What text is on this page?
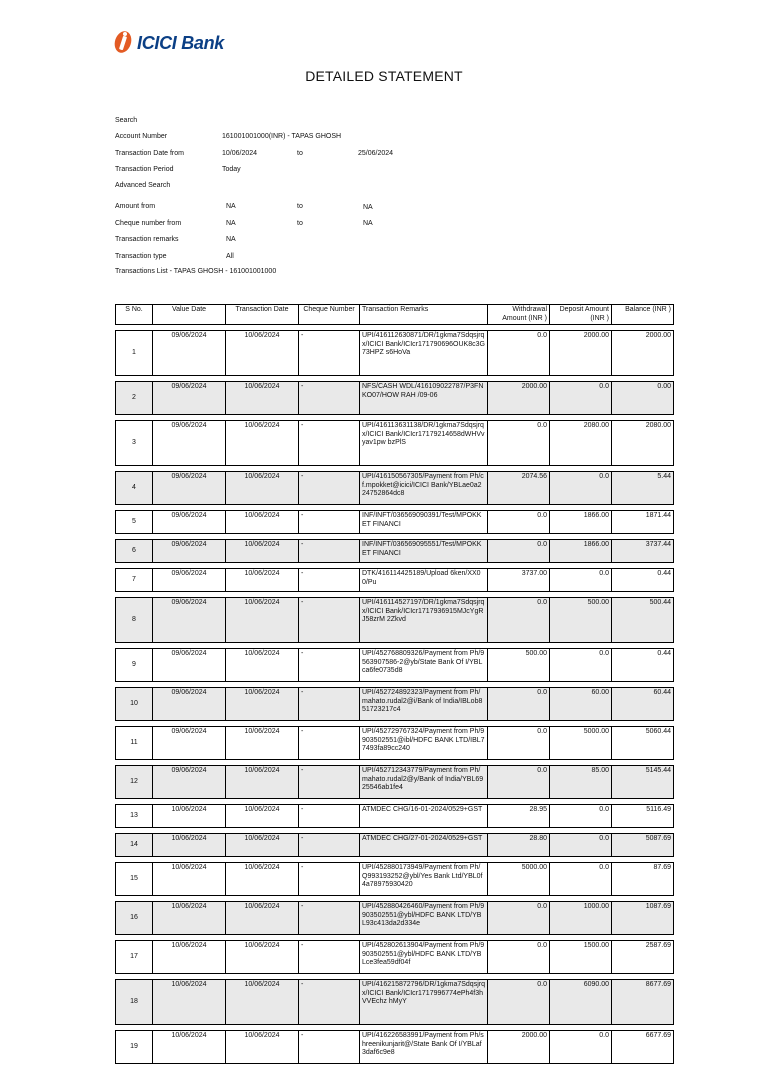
ICICI Bank
DETAILED STATEMENT
Search
Account Number	161001001000(INR) - TAPAS GHOSH
Transaction Date from	10/06/2024	to	25/06/2024
Transaction Period	Today
Advanced Search
Amount from	NA	to	NA
Cheque number from	NA	to	NA
Transaction remarks	NA
Transaction type	All
Transactions List - TAPAS GHOSH - 161001001000
S No.	Value Date	Transaction Date	Cheque Number	Transaction Remarks	Withdrawal Amount (INR )	Deposit Amount (INR )	Balance (INR )
1	09/06/2024	10/06/2024	-	UPI/416112630871/DR/1gkma7Sdqsjrq x/ICICI Bank/ICIcr171790696OUK8c3G73HPZ s6HoVa	0.0	2000.00	2000.00
2	09/06/2024	10/06/2024	-	NFS/CASH WDL/416109022787/P3FNKO07/HOW RAH /09-06	2000.00	0.0	0.00
3	09/06/2024	10/06/2024	-	UPI/416113631138/DR/1gkma7Sdqsjrq x/ICICI Bank/ICIcr17179214658dWHVvyav1pw bzPlS	0.0	2080.00	2080.00
4	09/06/2024	10/06/2024	-	UPI/416150567305/Payment from Ph/cf.mpokket@icici/ICICI Bank/YBLae0a224752864dc8	2074.56	0.0	5.44
5	09/06/2024	10/06/2024	-	INF/INFT/036569090391/Test/MPOKK ET FINANCI	0.0	1866.00	1871.44
6	09/06/2024	10/06/2024	-	INF/INFT/036569095551/Test/MPOKK ET FINANCI	0.0	1866.00	3737.44
7	09/06/2024	10/06/2024	-	DTK/416114425189/Upload 6ken/XX00/Pu	3737.00	0.0	0.44
8	09/06/2024	10/06/2024	-	UPI/416114527197/DR/1gkma7Sdqsjrq x/ICICI Bank/ICIcr1717936915MJcYgRJ58zrM 2Zkvd	0.0	500.00	500.44
9	09/06/2024	10/06/2024	-	UPI/452768809326/Payment from Ph/9563907586-2@yb/State Bank Of I/YBLca6fe0735d8	500.00	0.0	0.44
10	09/06/2024	10/06/2024	-	UPI/452724892323/Payment from Ph/mahato.rudal2@i/Bank of India/IBLob851723217c4	0.0	60.00	60.44
11	09/06/2024	10/06/2024	-	UPI/452729767324/Payment from Ph/9903502551@ibl/HDFC BANK LTD/IBL77493fa89cc240	0.0	5000.00	5060.44
12	09/06/2024	10/06/2024	-	UPI/452712343779/Payment from Ph/mahato.rudal2@y/Bank of India/YBL6925546ab1fe4	0.0	85.00	5145.44
13	10/06/2024	10/06/2024	-	ATMDEC CHG/16-01-2024/0529+GST	28.95	0.0	5116.49
14	10/06/2024	10/06/2024	-	ATMDEC CHG/27-01-2024/0529+GST	28.80	0.0	5087.69
15	10/06/2024	10/06/2024	-	UPI/452880173949/Payment from Ph/Q993193252@ybl/Yes Bank Ltd/YBL0f4a78975930420	5000.00	0.0	87.69
16	10/06/2024	10/06/2024	-	UPI/452880426460/Payment from Ph/9903502551@ybl/HDFC BANK LTD/YBL93c413da2d334e	0.0	1000.00	1087.69
17	10/06/2024	10/06/2024	-	UPI/452802613904/Payment from Ph/9903502551@ybl/HDFC BANK LTD/YBLce3fea59df04f	0.0	1500.00	2587.69
18	10/06/2024	10/06/2024	-	UPI/416215872796/DR/1gkma7Sdqsjrq x/ICICI Bank/ICIcr1717996774ePh4f3hVVEchz hMyY	0.0	6090.00	8677.69
19	10/06/2024	10/06/2024	-	UPI/416226583991/Payment from Ph/shreenikunjarit@/State Bank Of I/YBLaf3daf6c9e8	2000.00	0.0	6677.69
